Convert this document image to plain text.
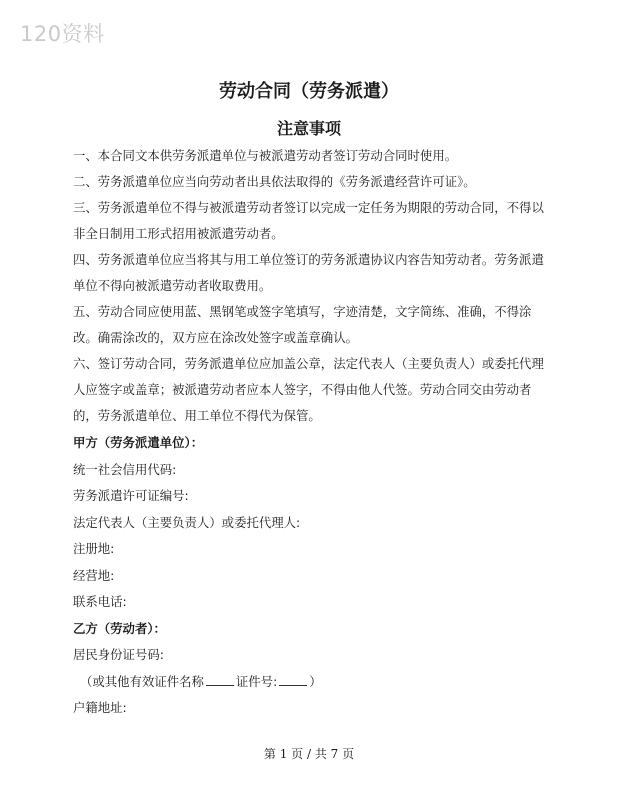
120资料
劳动合同（劳务派遣）
注意事项

一、本合同文本供劳务派遣单位与被派遣劳动者签订劳动合同时使用。

二、劳务派遣单位应当向劳动者出具依法取得的《劳务派遣经营许可证》。

三、劳务派遣单位不得与被派遣劳动者签订以完成一定任务为期限的劳动合同，不得以非全日制用工形式招用被派遣劳动者。

四、劳务派遣单位应当将其与用工单位签订的劳务派遣协议内容告知劳动者。劳务派遣单位不得向被派遣劳动者收取费用。

五、劳动合同应使用蓝、黑钢笔或签字笔填写，字迹清楚，文字简练、准确，不得涂改。确需涂改的，双方应在涂改处签字或盖章确认。

六、签订劳动合同，劳务派遣单位应加盖公章，法定代表人（主要负责人）或委托代理人应签字或盖章；被派遣劳动者应本人签字，不得由他人代签。劳动合同交由劳动者的，劳务派遣单位、用工单位不得代为保管。

甲方（劳务派遣单位）：

统一社会信用代码:

劳务派遣许可证编号:

法定代表人（主要负责人）或委托代理人:

注册地:

经营地:

联系电话:

乙方（劳动者）：

居民身份证号码:

（或其他有效证件名称	证件号:	）

户籍地址:

第 1 页 / 共 7 页
